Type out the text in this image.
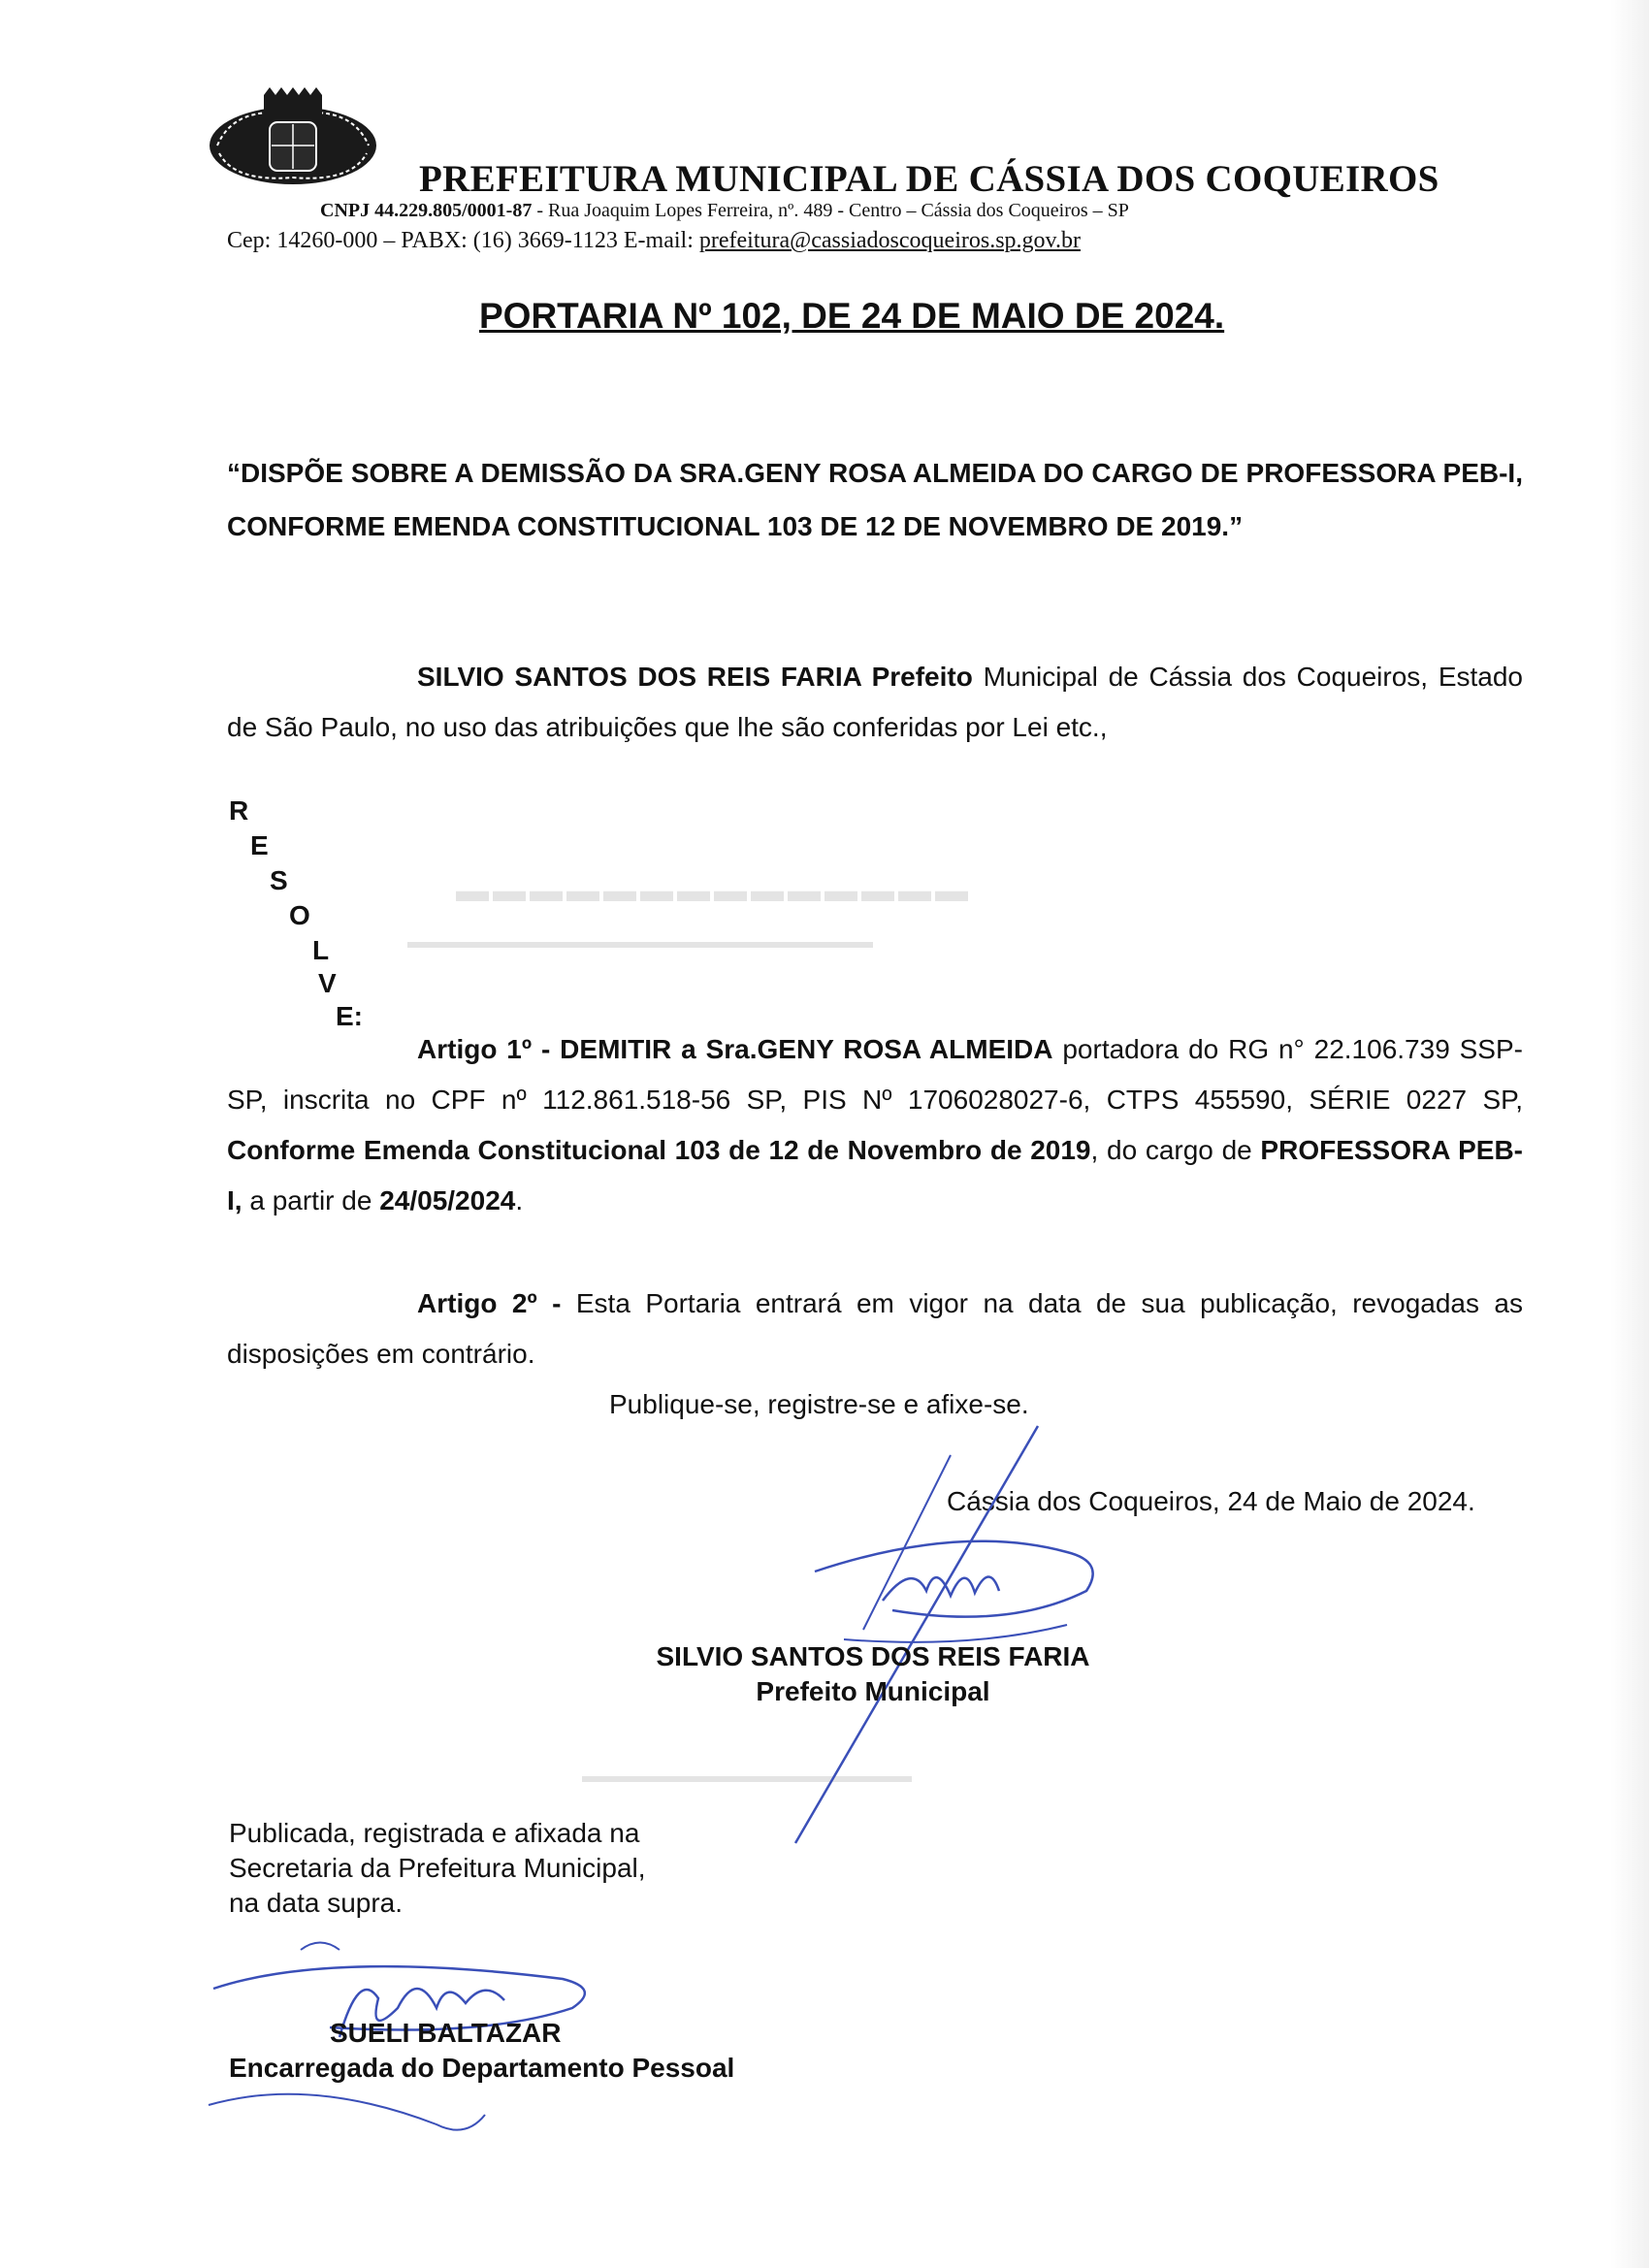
▬▬▬▬▬▬▬▬▬▬▬▬▬▬
▬▬▬▬▬▬▬▬▬▬▬▬▬▬▬▬▬▬▬▬▬▬▬▬
▬▬▬▬▬▬▬▬▬▬▬▬▬▬▬▬▬
PREFEITURA MUNICIPAL DE CÁSSIA DOS COQUEIROS
CNPJ 44.229.805/0001-87 - Rua Joaquim Lopes Ferreira, nº. 489 - Centro – Cássia dos Coqueiros – SP
Cep: 14260-000 – PABX: (16) 3669-1123 E-mail: prefeitura@cassiadoscoqueiros.sp.gov.br
PORTARIA Nº 102, DE 24 DE MAIO DE 2024.
“DISPÕE SOBRE A DEMISSÃO DA SRA.GENY ROSA ALMEIDA DO CARGO DE PROFESSORA PEB-I, CONFORME EMENDA CONSTITUCIONAL 103 DE 12 DE NOVEMBRO DE 2019.”
SILVIO SANTOS DOS REIS FARIA Prefeito Municipal de Cássia dos Coqueiros, Estado de São Paulo, no uso das atribuições que lhe são conferidas por Lei etc.,
R
E
S
O
L
V
E:
Artigo 1º - DEMITIR a Sra.GENY ROSA ALMEIDA portadora do RG n° 22.106.739 SSP-SP, inscrita no CPF nº 112.861.518-56 SP, PIS Nº 1706028027-6, CTPS 455590, SÉRIE 0227 SP, Conforme Emenda Constitucional 103 de 12 de Novembro de 2019, do cargo de PROFESSORA PEB-I, a partir de 24/05/2024.
Artigo 2º - Esta Portaria entrará em vigor na data de sua publicação, revogadas as disposições em contrário.
Publique-se, registre-se e afixe-se.
Cássia dos Coqueiros, 24 de Maio de 2024.
SILVIO SANTOS DOS REIS FARIA
Prefeito Municipal
Publicada, registrada e afixada na
Secretaria da Prefeitura Municipal,
na data supra.
SUELI BALTAZAR
Encarregada do Departamento Pessoal
